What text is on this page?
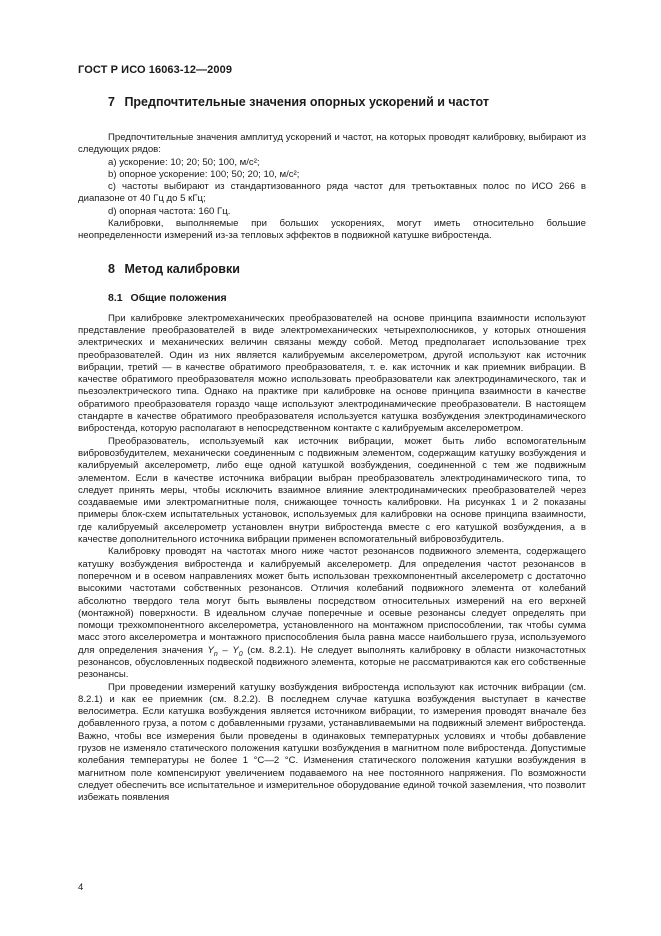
ГОСТ Р ИСО 16063-12—2009
7 Предпочтительные значения опорных ускорений и частот

Предпочтительные значения амплитуд ускорений и частот, на которых проводят калибровку, выбирают из следующих рядов:

a) ускорение: 10; 20; 50; 100, м/с²;

b) опорное ускорение: 100; 50; 20; 10, м/с²;

c) частоты выбирают из стандартизованного ряда частот для третьоктавных полос по ИСО 266 в диапазоне от 40 Гц до 5 кГц;

d) опорная частота: 160 Гц.

Калибровки, выполняемые при больших ускорениях, могут иметь относительно большие неопределенности измерений из-за тепловых эффектов в подвижной катушке вибростенда.

8 Метод калибровки
8.1 Общие положения

При калибровке электромеханических преобразователей на основе принципа взаимности используют представление преобразователей в виде электромеханических четырехполюсников, у которых отношения электрических и механических величин связаны между собой. Метод предполагает использование трех преобразователей. Один из них является калибруемым акселерометром, другой используют как источник вибрации, третий — в качестве обратимого преобразователя, т. е. как источник и как приемник вибрации. В качестве обратимого преобразователя можно использовать преобразователи как электродинамического, так и пьезоэлектрического типа. Однако на практике при калибровке на основе принципа взаимности в качестве обратимого преобразователя гораздо чаще используют электродинамические преобразователи. В настоящем стандарте в качестве обратимого преобразователя используется катушка возбуждения электродинамического вибростенда, которую располагают в непосредственном контакте с калибруемым акселерометром.

Преобразователь, используемый как источник вибрации, может быть либо вспомогательным вибровозбудителем, механически соединенным с подвижным элементом, содержащим катушку возбуждения и калибруемый акселерометр, либо еще одной катушкой возбуждения, соединенной с тем же подвижным элементом. Если в качестве источника вибрации выбран преобразователь электродинамического типа, то следует принять меры, чтобы исключить взаимное влияние электродинамических преобразователей через создаваемые ими электромагнитные поля, снижающее точность калибровки. На рисунках 1 и 2 показаны примеры блок-схем испытательных установок, используемых для калибровки на основе принципа взаимности, где калибруемый акселерометр установлен внутри вибростенда вместе с его катушкой возбуждения, а в качестве дополнительного источника вибрации применен вспомогательный вибровозбудитель.

Калибровку проводят на частотах много ниже частот резонансов подвижного элемента, содержащего катушку возбуждения вибростенда и калибруемый акселерометр. Для определения частот резонансов в поперечном и в осевом направлениях может быть использован трехкомпонентный акселерометр с достаточно высокими частотами собственных резонансов. Отличия колебаний подвижного элемента от колебаний абсолютно твердого тела могут быть выявлены посредством относительных измерений на его верхней (монтажной) поверхности. В идеальном случае поперечные и осевые резонансы следует определять при помощи трехкомпонентного акселерометра, установленного на монтажном приспособлении, так чтобы сумма масс этого акселерометра и монтажного приспособления была равна массе наибольшего груза, используемого для определения значения $Y_n - Y_0$ (см. 8.2.1). Не следует выполнять калибровку в области низкочастотных резонансов, обусловленных подвеской подвижного элемента, которые не рассматриваются как его собственные резонансы.

При проведении измерений катушку возбуждения вибростенда используют как источник вибрации (см. 8.2.1) и как ее приемник (см. 8.2.2). В последнем случае катушка возбуждения выступает в качестве велосиметра. Если катушка возбуждения является источником вибрации, то измерения проводят вначале без добавленного груза, а потом с добавленными грузами, устанавливаемыми на подвижный элемент вибростенда. Важно, чтобы все измерения были проведены в одинаковых температурных условиях и чтобы добавление грузов не изменяло статического положения катушки возбуждения в магнитном поле вибростенда. Допустимые колебания температуры не более 1 °С—2 °С. Изменения статического положения катушки возбуждения в магнитном поле компенсируют увеличением подаваемого на нее постоянного напряжения. По возможности следует обеспечить все испытательное и измерительное оборудование единой точкой заземления, что позволит избежать появления

4
